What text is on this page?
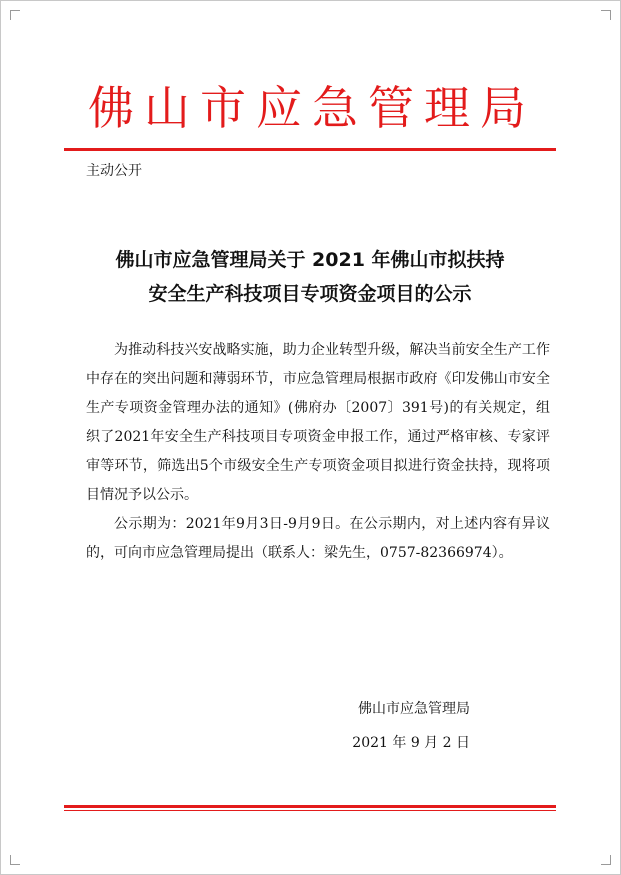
佛山市应急管理局
主动公开
佛山市应急管理局关于 2021 年佛山市拟扶持
安全生产科技项目专项资金项目的公示

为推动科技兴安战略实施，助力企业转型升级，解决当前安全生产工作中存在的突出问题和薄弱环节，市应急管理局根据市政府《印发佛山市安全生产专项资金管理办法的通知》(佛府办〔2007〕391号)的有关规定，组织了2021年安全生产科技项目专项资金申报工作，通过严格审核、专家评审等环节，筛选出5个市级安全生产专项资金项目拟进行资金扶持，现将项目情况予以公示。

公示期为：2021年9月3日-9月9日。在公示期内，对上述内容有异议的，可向市应急管理局提出（联系人：梁先生，0757-82366974）。

佛山市应急管理局
2021 年 9 月 2 日
